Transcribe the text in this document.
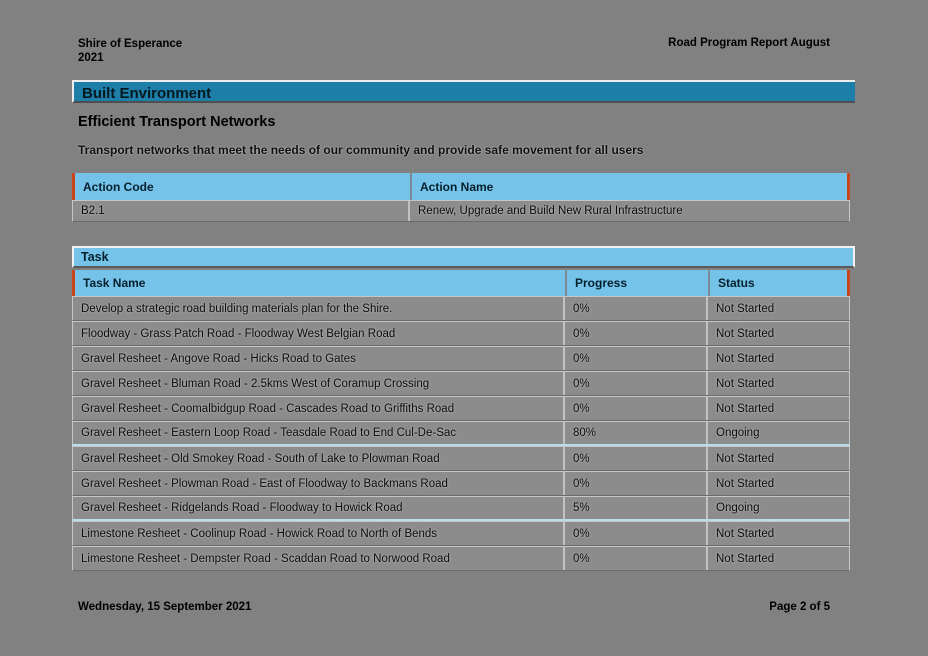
Shire of Esperance
2021
Road Program Report August
Built Environment
Efficient Transport Networks
Transport networks that meet the needs of our community and provide safe movement for all users
Action Code	Action Name
B2.1	Renew, Upgrade and Build New Rural Infrastructure
Task
Task Name	Progress	Status
Develop a strategic road building materials plan for the Shire.	0%	Not Started
Floodway - Grass Patch Road - Floodway West Belgian Road	0%	Not Started
Gravel Resheet - Angove Road - Hicks Road to Gates	0%	Not Started
Gravel Resheet - Bluman Road - 2.5kms West of Coramup Crossing	0%	Not Started
Gravel Resheet - Coomalbidgup Road - Cascades Road to Griffiths Road	0%	Not Started
Gravel Resheet - Eastern Loop Road - Teasdale Road to End Cul-De-Sac	80%	Ongoing
Gravel Resheet - Old Smokey Road - South of Lake to Plowman Road	0%	Not Started
Gravel Resheet - Plowman Road - East of Floodway to Backmans Road	0%	Not Started
Gravel Resheet - Ridgelands Road - Floodway to Howick Road	5%	Ongoing
Limestone Resheet - Coolinup Road - Howick Road to North of Bends	0%	Not Started
Limestone Resheet - Dempster Road - Scaddan Road to Norwood Road	0%	Not Started
Wednesday, 15 September 2021	Page 2 of 5
